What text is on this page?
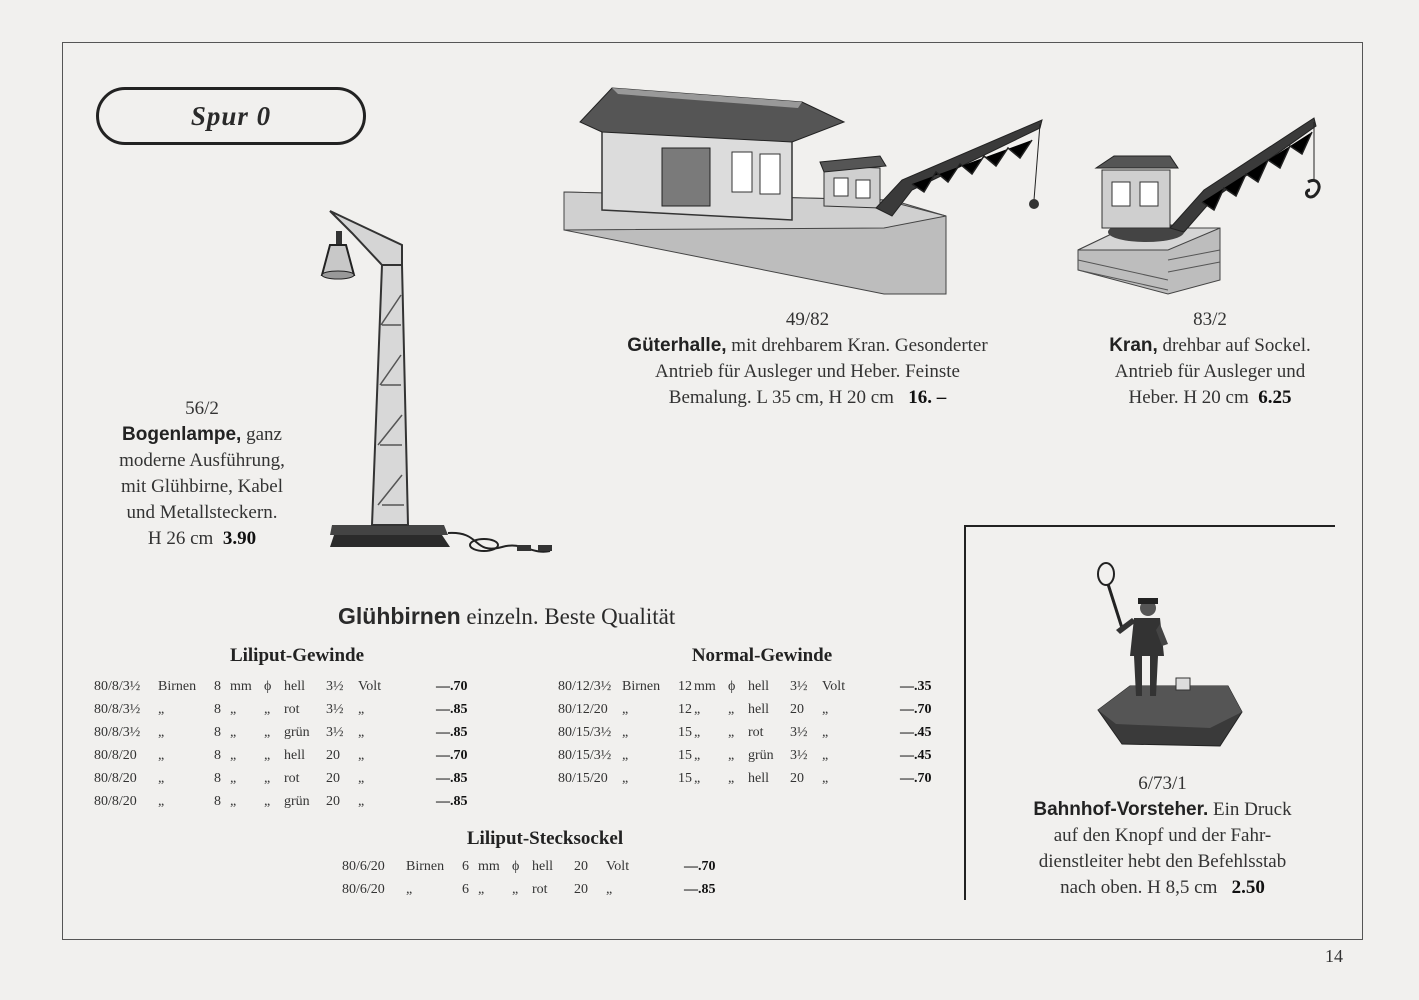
Spur 0
56/2
Bogenlampe, ganz
moderne Ausführung,
mit Glühbirne, Kabel
und Metallsteckern.
H 26 cm 3.90
49/82
Güterhalle, mit drehbarem Kran. Gesonderter
Antrieb für Ausleger und Heber. Feinste
Bemalung. L 35 cm, H 20 cm 16. –
83/2
Kran, drehbar auf Sockel.
Antrieb für Ausleger und
Heber. H 20 cm 6.25
Glühbirnen einzeln. Beste Qualität
Liliput-Gewinde	Normal-Gewinde
Liliput-Stecksockel
80/8/3½ Birnen 8 mm ϕ hell 3½ Volt	—.70
80/8/3½ „	8 „ „ rot 3½ „	—.85
80/8/3½ „	8 „ „ grün 3½ „	—.85
80/8/20 „	8 „ „ hell 20 „	—.70
80/8/20 „	8 „ „ rot 20 „	—.85
80/8/20 „	8 „ „ grün 20 „	—.85
80/12/3½ Birnen 12 mm ϕ hell 3½ Volt	—.35
80/12/20 „	12 „ „ hell 20 „	—.70
80/15/3½ „	15 „ „ rot 3½ „	—.45
80/15/3½ „	15 „ „ grün 3½ „	—.45
80/15/20 „	15 „ „ hell 20 „	—.70
80/6/20 Birnen 6 mm ϕ hell 20 Volt	—.70
80/6/20 „	6 „ „ rot 20 „	—.85
6/73/1
Bahnhof-Vorsteher. Ein Druck
auf den Knopf und der Fahr-
dienstleiter hebt den Befehlsstab
nach oben. H 8,5 cm 2.50
14
